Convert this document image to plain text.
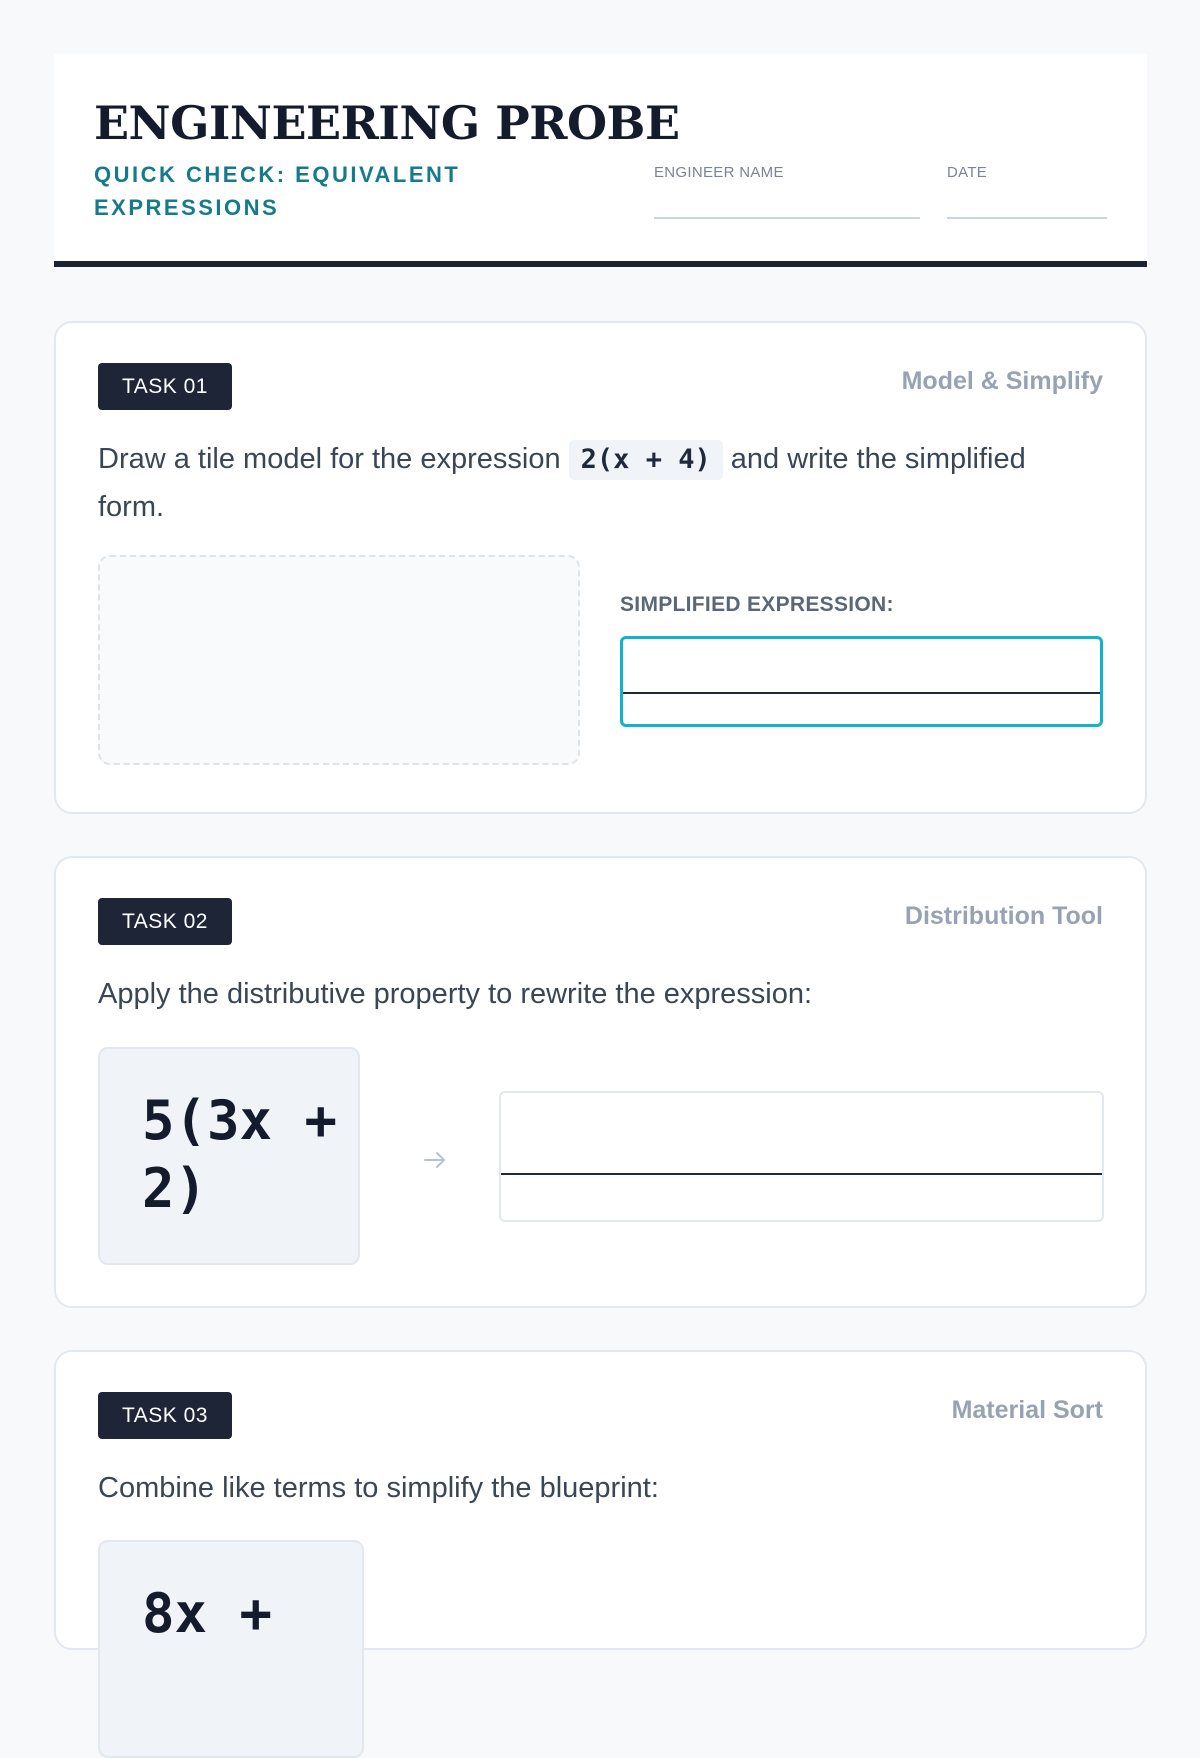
ENGINEERING PROBE
QUICK CHECK: EQUIVALENT EXPRESSIONS
ENGINEER NAME	DATE
TASK 01	Model & Simplify
Draw a tile model for the expression 2(x + 4) and write the simplified form.
SIMPLIFIED EXPRESSION:
TASK 02	Distribution Tool
Apply the distributive property to rewrite the expression:
5(3x + 2)
TASK 03	Material Sort
Combine like terms to simplify the blueprint:
8x +
